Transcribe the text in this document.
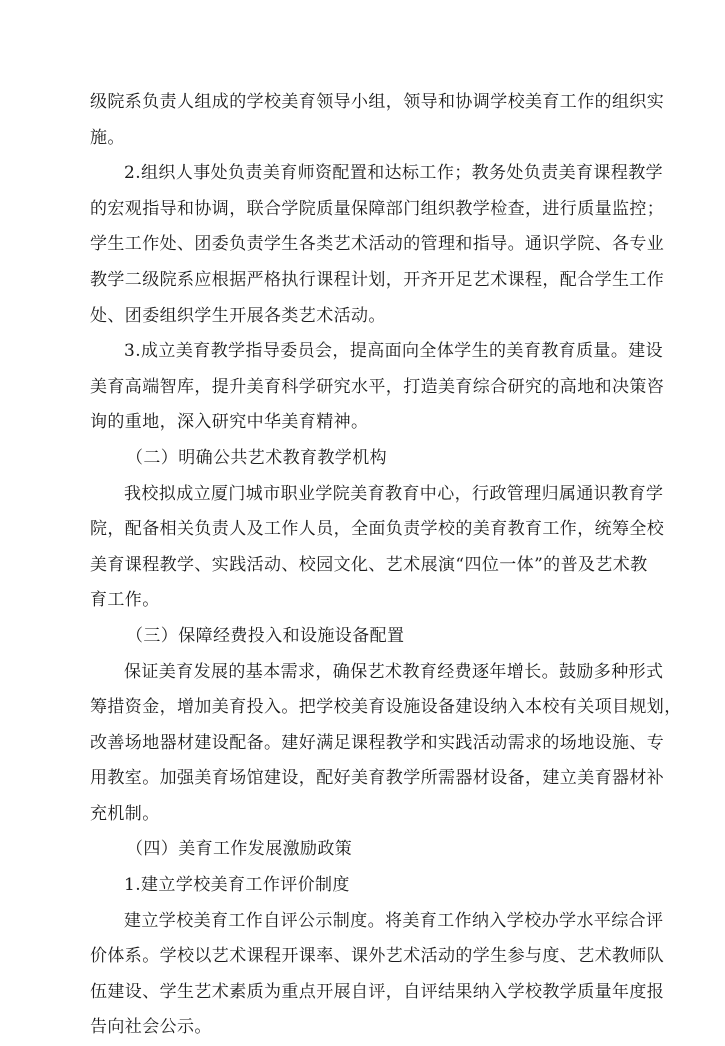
级院系负责人组成的学校美育领导小组，领导和协调学校美育工作的组织实
施。
2.组织人事处负责美育师资配置和达标工作；教务处负责美育课程教学
的宏观指导和协调，联合学院质量保障部门组织教学检查，进行质量监控；
学生工作处、团委负责学生各类艺术活动的管理和指导。通识学院、各专业
教学二级院系应根据严格执行课程计划，开齐开足艺术课程，配合学生工作
处、团委组织学生开展各类艺术活动。
3.成立美育教学指导委员会，提高面向全体学生的美育教育质量。建设
美育高端智库，提升美育科学研究水平，打造美育综合研究的高地和决策咨
询的重地，深入研究中华美育精神。
（二）明确公共艺术教育教学机构
我校拟成立厦门城市职业学院美育教育中心，行政管理归属通识教育学
院，配备相关负责人及工作人员，全面负责学校的美育教育工作，统筹全校
美育课程教学、实践活动、校园文化、艺术展演“四位一体”的普及艺术教
育工作。
（三）保障经费投入和设施设备配置
保证美育发展的基本需求，确保艺术教育经费逐年增长。鼓励多种形式
筹措资金，增加美育投入。把学校美育设施设备建设纳入本校有关项目规划，
改善场地器材建设配备。建好满足课程教学和实践活动需求的场地设施、专
用教室。加强美育场馆建设，配好美育教学所需器材设备，建立美育器材补
充机制。
（四）美育工作发展激励政策
1.建立学校美育工作评价制度
建立学校美育工作自评公示制度。将美育工作纳入学校办学水平综合评
价体系。学校以艺术课程开课率、课外艺术活动的学生参与度、艺术教师队
伍建设、学生艺术素质为重点开展自评，自评结果纳入学校教学质量年度报
告向社会公示。
